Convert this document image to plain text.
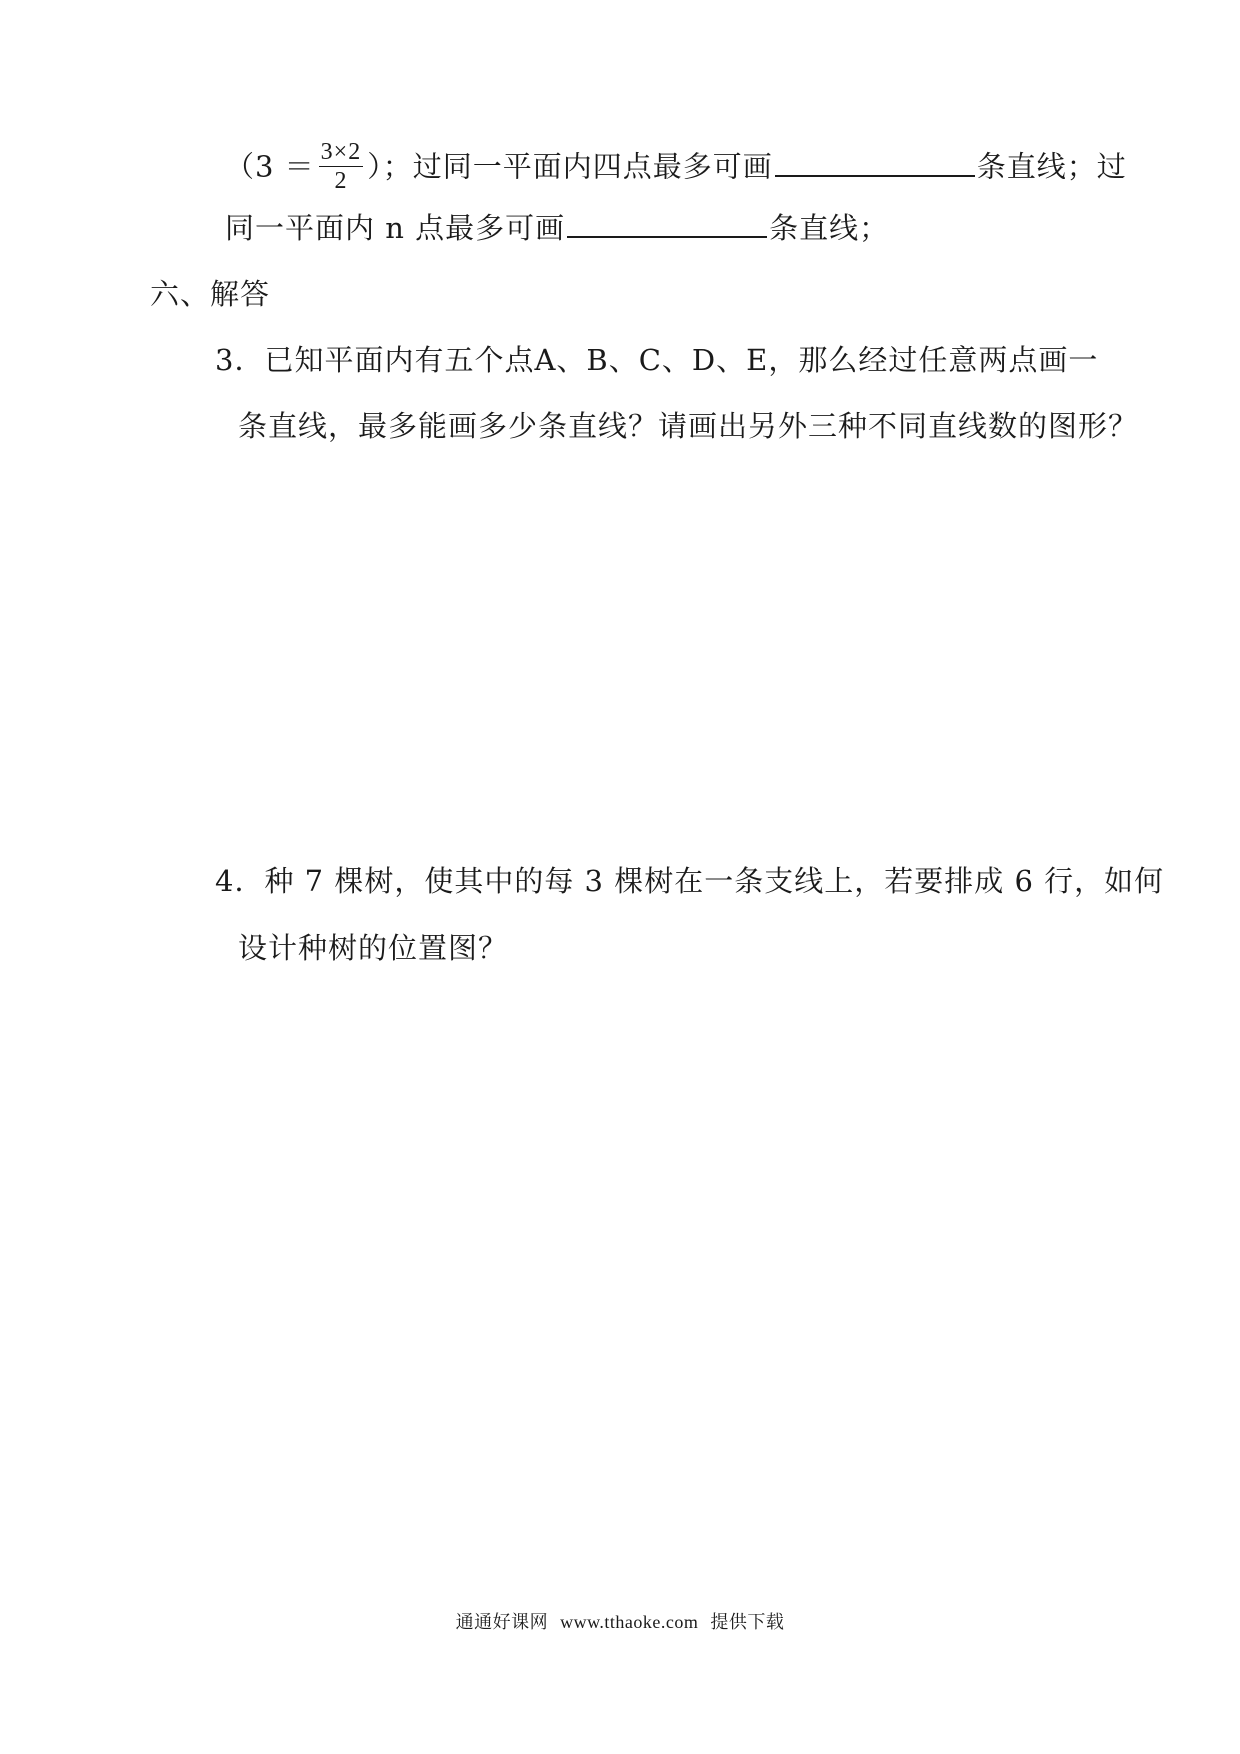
（$3 = \frac{3\times 2}{2}$ ）；过同一平面内四点最多可画	条直线；过
同一平面内 n 点最多可画	条直线；
六、解答
3．已知平面内有五个点A、B、C、D、E，那么经过任意两点画一
条直线，最多能画多少条直线？请画出另外三种不同直线数的图形？
4．种 7 棵树，使其中的每 3 棵树在一条支线上，若要排成 6 行，如何
设计种树的位置图？
通通好课网 www.tthaoke.com 提供下载
